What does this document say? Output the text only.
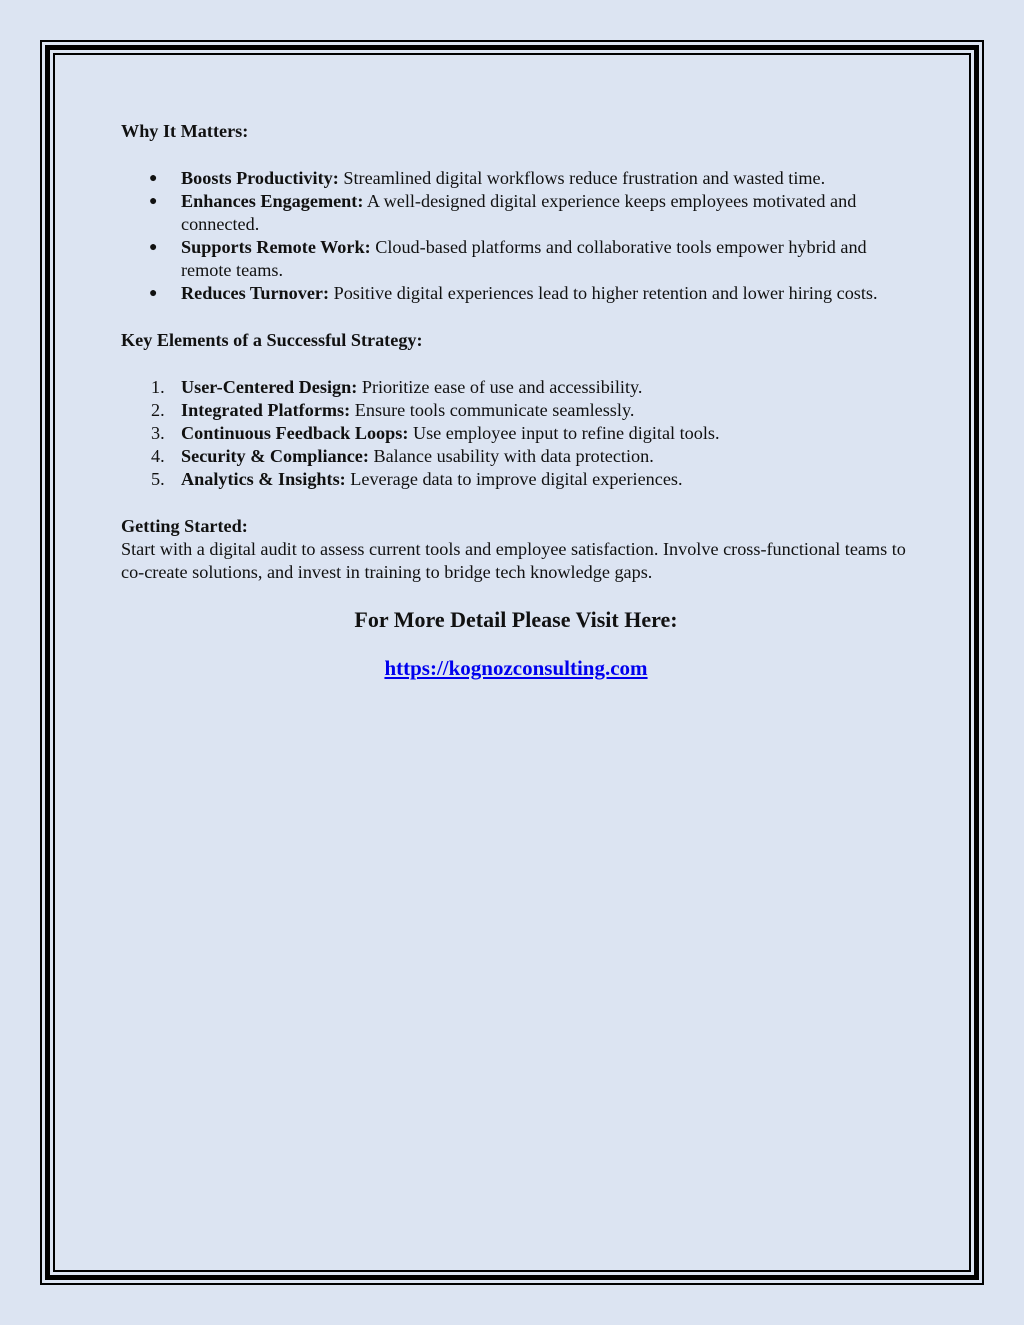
Why It Matters:

● Boosts Productivity: Streamlined digital workflows reduce frustration and wasted time.
● Enhances Engagement: A well-designed digital experience keeps employees motivated and connected.
● Supports Remote Work: Cloud-based platforms and collaborative tools empower hybrid and remote teams.
● Reduces Turnover: Positive digital experiences lead to higher retention and lower hiring costs.

Key Elements of a Successful Strategy:

1. User-Centered Design: Prioritize ease of use and accessibility.
2. Integrated Platforms: Ensure tools communicate seamlessly.
3. Continuous Feedback Loops: Use employee input to refine digital tools.
4. Security & Compliance: Balance usability with data protection.
5. Analytics & Insights: Leverage data to improve digital experiences.
Getting Started:
Start with a digital audit to assess current tools and employee satisfaction. Involve cross-functional teams to co-create solutions, and invest in training to bridge tech knowledge gaps.
For More Detail Please Visit Here:
https://kognozconsulting.com
